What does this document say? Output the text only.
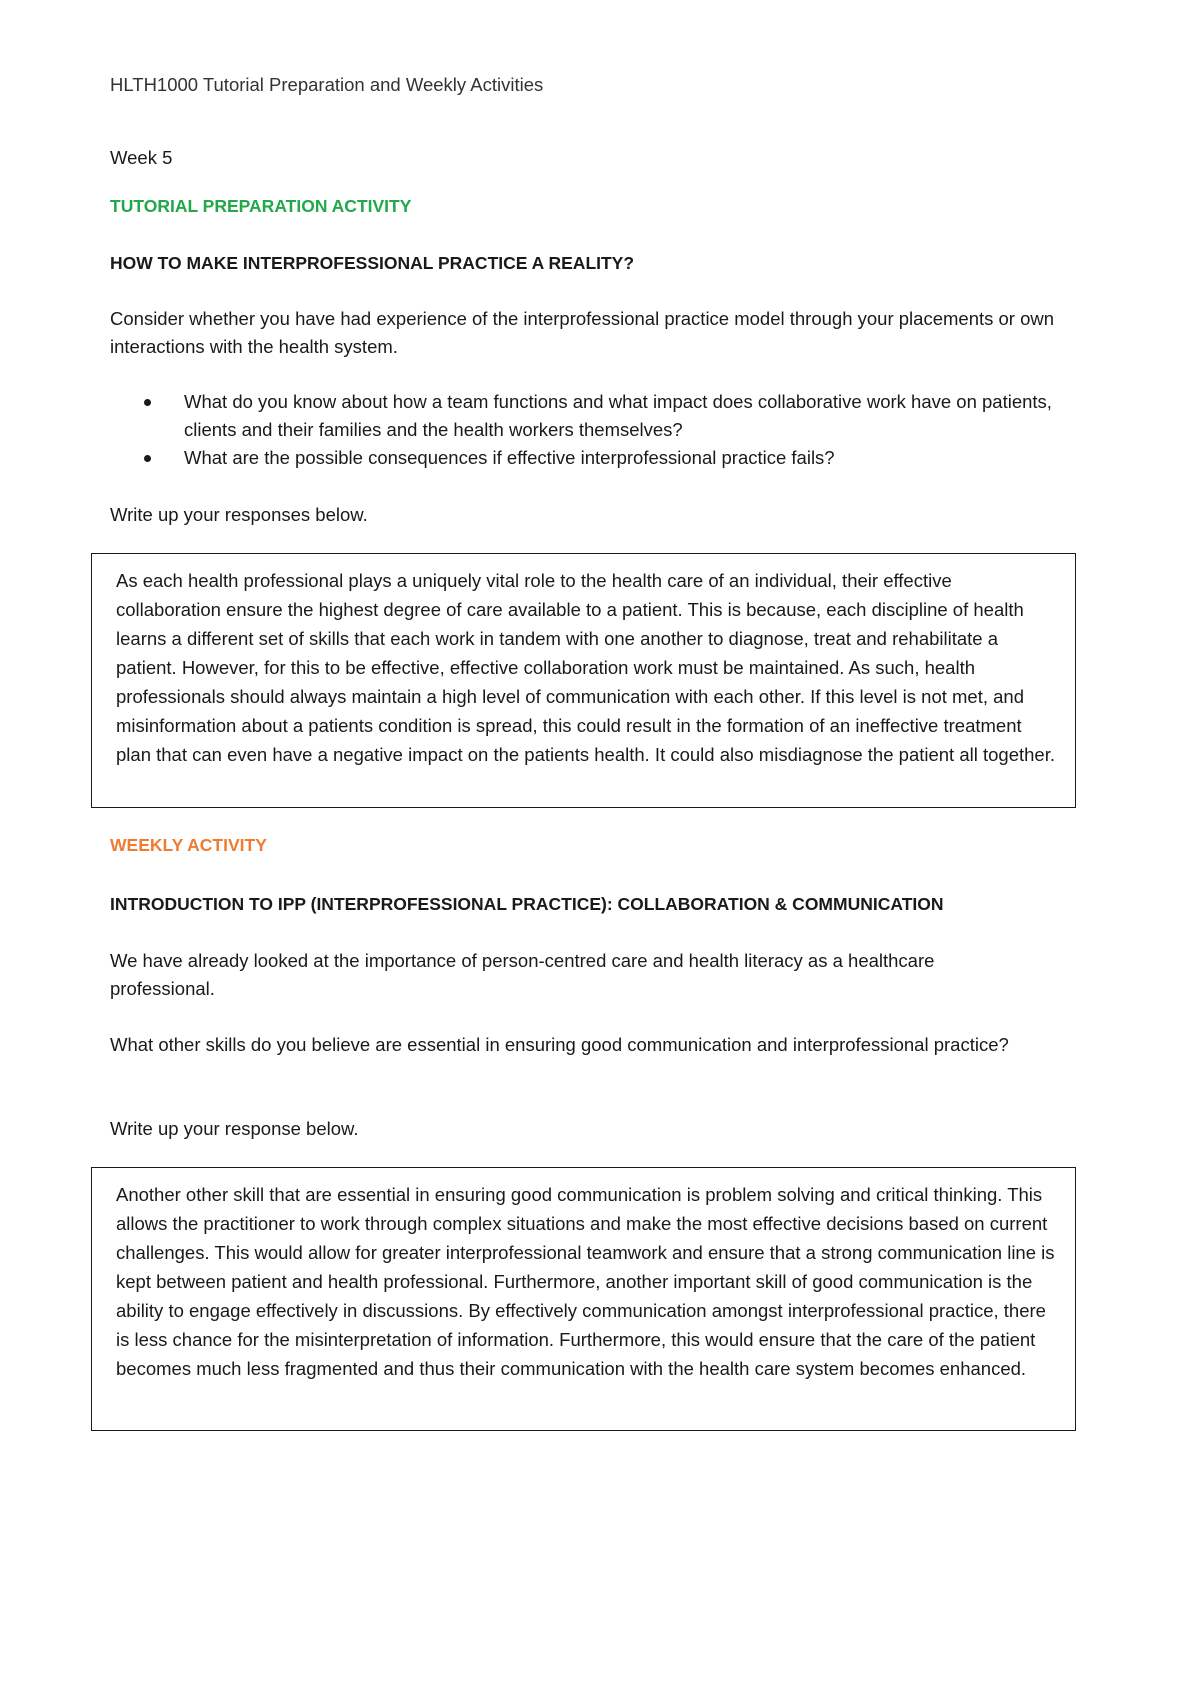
HLTH1000 Tutorial Preparation and Weekly Activities

Week 5

TUTORIAL PREPARATION ACTIVITY

HOW TO MAKE INTERPROFESSIONAL PRACTICE A REALITY?

Consider whether you have had experience of the interprofessional practice model through your placements or own interactions with the health system.

What do you know about how a team functions and what impact does collaborative work have on patients, clients and their families and the health workers themselves?
What are the possible consequences if effective interprofessional practice fails?

Write up your responses below.

As each health professional plays a uniquely vital role to the health care of an individual, their effective collaboration ensure the highest degree of care available to a patient. This is because, each discipline of health learns a different set of skills that each work in tandem with one another to diagnose, treat and rehabilitate a patient. However, for this to be effective, effective collaboration work must be maintained. As such, health professionals should always maintain a high level of communication with each other. If this level is not met, and misinformation about a patients condition is spread, this could result in the formation of an ineffective treatment plan that can even have a negative impact on the patients health. It could also misdiagnose the patient all together.

WEEKLY ACTIVITY

INTRODUCTION TO IPP (INTERPROFESSIONAL PRACTICE): COLLABORATION & COMMUNICATION

We have already looked at the importance of person-centred care and health literacy as a healthcare professional.

What other skills do you believe are essential in ensuring good communication and interprofessional practice?

Write up your response below.

Another other skill that are essential in ensuring good communication is problem solving and critical thinking. This allows the practitioner to work through complex situations and make the most effective decisions based on current challenges. This would allow for greater interprofessional teamwork and ensure that a strong communication line is kept between patient and health professional. Furthermore, another important skill of good communication is the ability to engage effectively in discussions. By effectively communication amongst interprofessional practice, there is less chance for the misinterpretation of information. Furthermore, this would ensure that the care of the patient becomes much less fragmented and thus their communication with the health care system becomes enhanced.
